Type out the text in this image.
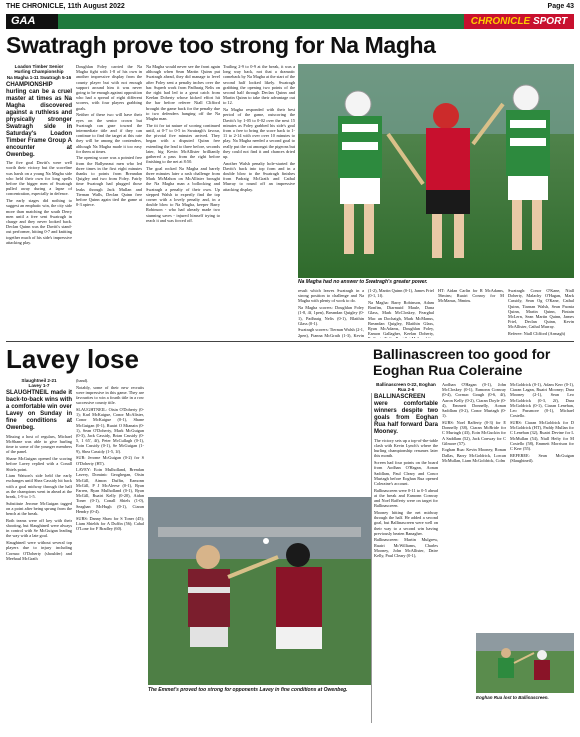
THE CHRONICLE, 11th August 2022	Page 43
GAA	CHRONICLE SPORT
Swatragh prove too strong for Na Magha

Loadon Timber Senior Hurling Championship
Na Magha 1-11 Swatragh 5-16

CHAMPIONSHIP hurling can be a cruel master at times as Na Magha discovered against a ruthless and physically stronger Swatragh side in Saturday's Loadon Timber Frame Group A encounter at Owenbeg.

The five goal Davitt's were well worth their victory but the scoreline was harsh on a young Na Magha side who held their own for long spells before the bigger men of Swatragh pulled away during a lapse of concentration, especially in defence.

The early stages did nothing to suggest an emphatic win, the city side more than matching the south Derry men until a free sent Swatragh in charge and they never looked back. Declan Quinn was the Davitt's stand-out performer, hitting 0-7 and knitting together much of his side's impressive attacking play.

Doughlan Foley carried the Na Magha fight with 1-8 of his own in another impressive display from the county player but with not enough support around him it was never going to be enough against opposition who had a spread of eight different scorers, with four players grabbing goals.

Neither of these two will have their eyes on the senior crown but Swatragh can gaze toward the intermediate title and if they can continue to find the target at this rate they will be among the contenders, although Na Magha made it too easy for them at times.

The opening score was a pointed free from the Ballyneaut men who led three times in the first eight minutes thanks to points from Breandan Quigley and two from Foley. Fairly time Swatragh had plugged those leaks through Jack Mullan and Tiernan Walls, Declan Quinn free before Quinn again tied the game at 0-3 apiece.

Na Magha would never see the front again although when Sean Martin Quinn put Swatragh ahead, they did manage to level after Foley sent a penalty inches over the bar. Superb work from Padhraig Nelis on the right had led to a great catch from Keelan Doherty whose kicked effort hit the bar before referee Niall Clifford brought the game back for the penalty due to two defenders hanging off the Na Magha man.

The tit for tat nature of scoring continued until, at 0-7 to 0-5 in Swatragh's favour, the pivotal five minutes arrived. They began with a disputed Quinn free extending the lead to three before, seconds later, big Kevin McAllister brilliantly gathered a pass from the right before finishing to the net at 8:50.

The goal rocked Na Magha and barely three minutes later a rash challenge from Mark McMahon on McAllister brought the Na Magha man a bollocking and Swatragh a penalty of their own. Up stepped Walsh to expertly find the top corner with a lovely penalty and, in a double blow to Na Magha, keeper Barry Robinson - who had already made two stunning saves - injured himself trying to reach it and was forced off.

Trailing 2-9 to 0-9 at the break, it was a long way back, not that a dramatic comeback by Na Magha at the start of the second half looked likely. Swatragh grabbing the opening two points of the second half through Declan Quinn and Martin Quinn to take their advantage out to 12.

Na Magha responded with their best period of the game, outscoring the Davitt's by 1-05 to 0-02 over the next 15 minutes as Foley grabbed his side's goal from a free to bring the score back to 1-11 to 2-14 with over over 10 minutes to play. Na Magha needed a second goal to really put the cat amongst the pigeons but they could not find it and chances dried up.

Another Walsh penalty hole-started the Davitt's back into top form and in a double blow to the Swatragh finishes from Padraig McGrath and Cathal Murray to round off an impressive attacking display.

Na Magha had no answer to Swatragh's greater power.

result which leaves Swatragh in a strong position to challenge and Na Magha with plenty of work to do.

Na Magha scorers: Doughlan Foley (1-8, 4f, 1pen), Breandan Quigley (0-1), Padhraig Nelis (0-1), Blaithin Glass (0-1).

Swatragh scorers: Tiernan Walsh (2-1, 2pen), Fianna McGrath (1-3), Kevin

(1-2), Martin Quinn (0-1), James Friel (0-1, 1f).

Na Magha: Barry Robinson, Adam Bonfim, Diarmuid Maule, Dana Glass, Mark McCloskey, Fearghal Mac an Dochaigh, Mark McManus, Breandan Quigley, Blaithin Glass, Ryan McAdams, Doughlan Foley, Eamon Gallagher, Keelan Doherty,

HT: Aidan Carlin for R McAdams, 56mins; Ruairi Conroy for M McManus, 56mins.

Swatragh: Conor O'Kane, Niall Doherty, Malachy O'Hagan, Mark Cassidy, Sean Og O'Kane, Cathal Quinn, Tiarnan Walsh, Sean Paonia Quinn, Martin Quinn, Fintain McLern, Sean Martin Quinn, James Friel, Declan Quinn, Kevin McAllister, Cathal Murray.

Referee: Niall Clifford (Armagh)

Lavey lose

Slaughtneil 2-21
Lavey 1-7

SLAUGHTNEIL made it back-to-back wins with a comfortable win over Lavey on Sunday in fine conditions at Owenbeg.

Missing a host of regulars, Michael McShane was able to give hurling time to some of the younger members of the panel.

Shane McGuigan opened the scoring before Lavey replied with a Conall Shiels point.

Liam Watson's side held the early exchanges until Shea Cassidy hit back with a goal midway through the half as the champions went in ahead at the break, 1-9 to 1-5.

Substitute Jerome McGuigan tagged on a point after being sprung from the bench at the break.

Both teams were off key with their shooting, but Slaughtneil were always in control with Se McGuigan leading the way with a late goal.

Slaughtneil were without several top players due to injury including Cormac O'Doherty (shoulder) and Meehaul McGrath

(hand).

Notably, some of their new recruits were impressive in this game. They are favourites to win a fourth title in a row successive county title.

SLAUGHTNEIL: Oisin O'Doherty (0-1); Karl McKaigue, Conor McAlister, Conor McKaigue (0-1), Shane McGuigan (0-1), Ruairi O Mianain (0-1), Sean O'Doherty, Mark McGuigan (0-3), Jack Cassidy, Brian Cassidy (0-5, 1 65', 4f), Peter McCullagh (0-1), Eoin Cassidy (0-1), Se McGuigan (1-9), Shea Cassidy (1-5, 1f).

SUB: Jerome McGuigan (0-2) for S O'Doherty (HT).

LAVEY: Eoin Mulholland, Brendan Lavery, Dominic Geoghegan, Oisin McGill, Aimon Duffin, Eamonn McGill, P J McAleese (0-1), Ryan Farren, Ryan Mulholland (0-1), Ryan McGill, Ruairi Kelly (0-20), Aidan Toner (0-1), Conall Shiels (1-0), Seaghan McHugh (0-1), Ciaran Hendry (0-4).

SUBS: Danny Shaw for S Toner (45); Liam Shields for A Duffin (56); Cahal O'Lone for F Bradley (60).

The Emmet's proved too strong for opponents Lavey in fine conditions at Owenbeg.
Ballinascreen too good for Eoghan Rua Coleraine

Ballinascreen 0-22, Eoghan Rua 2-6

BALLINASCREEN were comfortable winners despite two goals from Eoghan Rua half forward Dara Mooney.

The victory sets up a top-of-the-table clash with Kevin Lynch's where the hurling championship resumes later this month.

Screen had four points on the board from Aodhan O'Hagan, Aonan Saddlam, Paul Cleary and Conor Murtagh before Eoghan Rua opened Coleraine's account.

Ballinascreen were 0-11 to 0-5 ahead at the break and Eamonn Conway and Noel Rafferty were on target for Ballinascreen.

Mooney hitting the net midway through the half. He added a second goal, but Ballinascreen were well on their way to a second win having previously beaten Banagher.

Ballinascreen: Martin Mulgrew, Ruairi McWilliams, Charles Mooney, John McAllister, Daire Kelly, Paul Cleary (0-1),

Aodhan O'Hagan (0-1), John McCloskey (0-1), Eamonn Conway (0-4), Cormac Gough (0-6, 4f), Aaron Kelly (0-2), Ciaran Doyle (0-4), Emmett Donnelly, Aonan Saddlam (0-2), Conor Murtagh (0-1).

SUBS: Noel Rafferty (0-3) for E Donnelly (38), Ciaran McBride for C Murtagh (43), Eoin McGuckin for A Saddlam (52), Jack Conway for C Gilmore (57).

Eoghan Rua: Kevin Mooney, Ronan Dallas, Barry McGoldrick, Lorcan McMullan, Liam McGoldrick, Colm

McGoldrick (0-1), Adam Kerr (0-1), Ciaran Lagan, Ruairi Mooney; Dara Mooney (2-1), Sean Leo McGoldrick (0-3, 2f), Dara McGoldrick (0-1), Ciaran Lenehan, Leo Passmore (0-1), Michael Costello.

SUBS: Ciaran McGoldrick for D McGoldrick (HT), Paddy Mullan for C Lenehan (32), Ruairi Devine for L McMullan (54), Niall Hefty for M Costello (58), Emmett Morrison for C Kerr (55).

REFEREE: Sean McGuigan (Slaughtneil).

Eoghan Rua lost to Ballinascreen.
